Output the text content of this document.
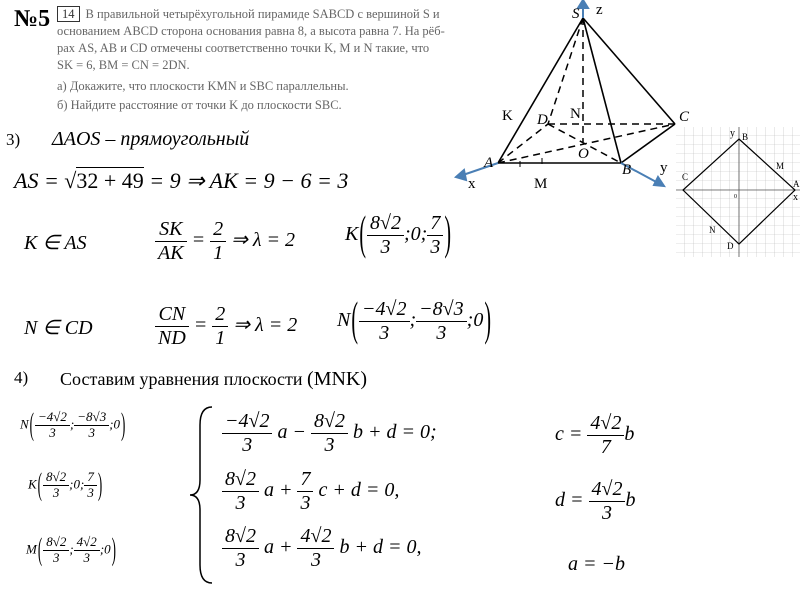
№5 14 В правильной четырёхугольной пирамиде SABCD с вершиной S и
основанием ABCD сторона основания равна 8, а высота равна 7. На рёб-
рах AS, AB и CD отмечены соответственно точки K, M и N такие, что
SK = 6, BM = CN = 2DN.
а) Докажите, что плоскости KMN и SBC параллельны.
б) Найдите расстояние от точки K до плоскости SBC.
S z
K D N	C
O
A	B
M
x
y
y B
M
C
A
x
0
N
D
3) ΔAOS – прямоугольный
AS = √32 + 49 = 9 ⇒ AK = 9 − 6 = 3
K ∈ AS	$\frac{SK}{AK} = \frac{2}{1}$ ⇒ λ = 2	$K( \frac{8√2}{3}$ ;0; $\frac{7}{3}$ )
N ∈ CD	$\frac{CN}{ND} = \frac{2}{1}$ ⇒ λ = 2 $N( \frac{-4√2}{3}$ ; $\frac{-8√3}{3}$ ;0)
4) Составим уравнения плоскости (MNK)
$N( \frac{-4√2}{3}$ ; $\frac{-8√3}{3}$ ;0)
$K( \frac{8√2}{3}$ ;0; $\frac{7}{3}$ )
$M( \frac{8√2}{3}$ ; $\frac{4√2}{3}$ ;0)
$\frac{-4√2}{3}$ $a - \frac{8√2}{3}$ b + d = 0;
$\frac{8√2}{3}$ $a + \frac{7}{3}$ c + d = 0,
$\frac{8√2}{3}$ $a + \frac{4√2}{3}$ b + d = 0,
$c = \frac{4√2}{7}$ b
$d = \frac{4√2}{3}$ b
a = −b
